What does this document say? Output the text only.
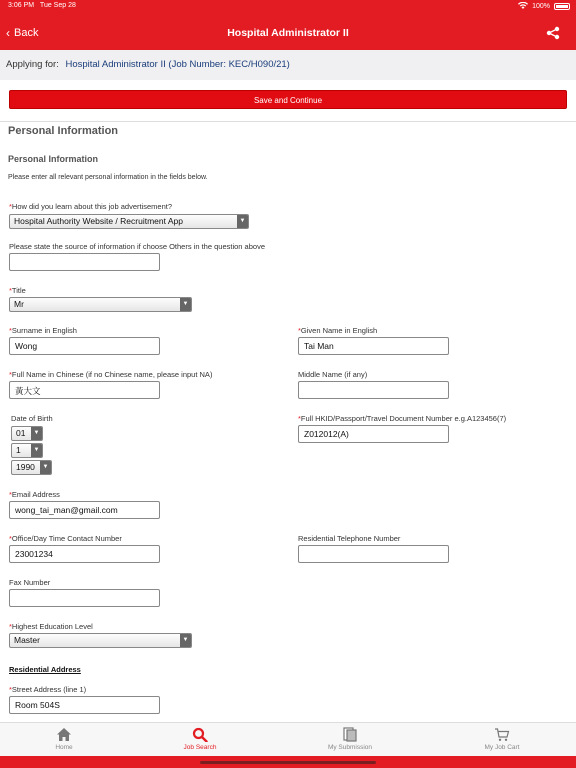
3:06 PM Tue Sep 28	100%
‹ Back	Hospital Administrator II
Applying for: Hospital Administrator II (Job Number: KEC/H090/21)
Save and Continue
Personal Information
Personal Information
Please enter all relevant personal information in the fields below.
*How did you learn about this job advertisement?
Hospital Authority Website / Recruitment App	▼
Please state the source of information if choose Others in the question above
*Title
Mr	▼
*Surname in English
Wong
*Given Name in English
Tai Man
*Full Name in Chinese (if no Chinese name, please input NA)
黃大文
Middle Name (if any)
Date of Birth
01	▼
1	▼
1990	▼
*Full HKID/Passport/Travel Document Number e.g.A123456(7)
Z012012(A)
*Email Address
wong_tai_man@gmail.com
*Office/Day Time Contact Number
23001234
Residential Telephone Number
Fax Number
*Highest Education Level
Master	▼
Residential Address
*Street Address (line 1)
Room 504S
Home	Job Search	My Submission	My Job Cart
